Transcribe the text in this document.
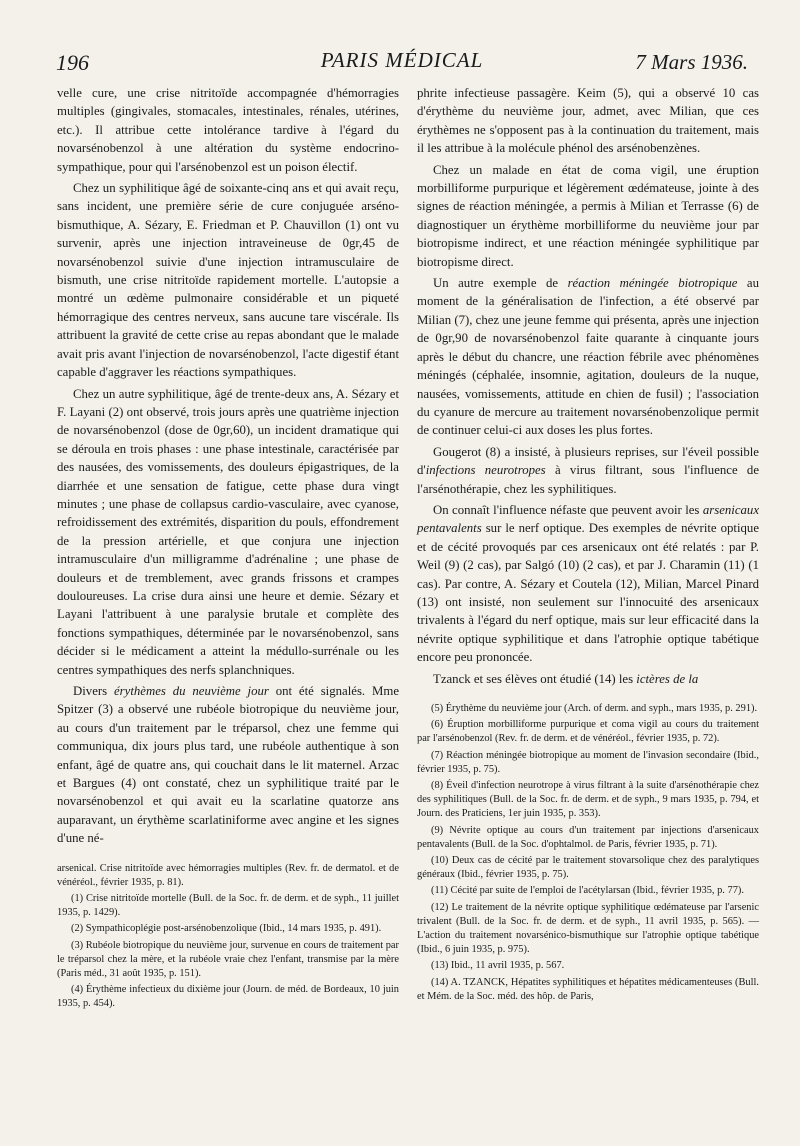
196	PARIS MÉDICAL	7 Mars 1936.

velle cure, une crise nitritoïde accompagnée d'hémorragies multiples (gingivales, stomacales, intestinales, rénales, utérines, etc.). Il attribue cette intolérance tardive à l'égard du novarsénobenzol à une altération du système endocrino-sympathique, pour qui l'arsénobenzol est un poison électif.

Chez un syphilitique âgé de soixante-cinq ans et qui avait reçu, sans incident, une première série de cure conjuguée arséno-bismuthique, A. Sézary, E. Friedman et P. Chauvillon (1) ont vu survenir, après une injection intraveineuse de 0gr,45 de novarsénobenzol suivie d'une injection intramusculaire de bismuth, une crise nitritoïde rapidement mortelle. L'autopsie a montré un œdème pulmonaire considérable et un piqueté hémorragique des centres nerveux, sans aucune tare viscérale. Ils attribuent la gravité de cette crise au repas abondant que le malade avait pris avant l'injection de novarsénobenzol, l'acte digestif étant capable d'aggraver les réactions sympathiques.

Chez un autre syphilitique, âgé de trente-deux ans, A. Sézary et F. Layani (2) ont observé, trois jours après une quatrième injection de novarsénobenzol (dose de 0gr,60), un incident dramatique qui se déroula en trois phases : une phase intestinale, caractérisée par des nausées, des vomissements, des douleurs épigastriques, de la diarrhée et une sensation de fatigue, cette phase dura vingt minutes ; une phase de collapsus cardio-vasculaire, avec cyanose, refroidissement des extrémités, disparition du pouls, effondrement de la pression artérielle, et que conjura une injection intramusculaire d'un milligramme d'adrénaline ; une phase de douleurs et de tremblement, avec grands frissons et crampes douloureuses. La crise dura ainsi une heure et demie. Sézary et Layani l'attribuent à une paralysie brutale et complète des fonctions sympathiques, déterminée par le novarsénobenzol, sans décider si le médicament a atteint la médullo-surrénale ou les centres sympathiques des nerfs splanchniques.

Divers érythèmes du neuvième jour ont été signalés. Mme Spitzer (3) a observé une rubéole biotropique du neuvième jour, au cours d'un traitement par le tréparsol, chez une femme qui communiqua, dix jours plus tard, une rubéole authentique à son enfant, âgé de quatre ans, qui couchait dans le lit maternel. Arzac et Bargues (4) ont constaté, chez un syphilitique traité par le novarsénobenzol et qui avait eu la scarlatine quatorze ans auparavant, un érythème scarlatiniforme avec angine et les signes d'une né-

arsenical. Crise nitritoïde avec hémorragies multiples (Rev. fr. de dermatol. et de vénéréol., février 1935, p. 81).
(1) Crise nitritoïde mortelle (Bull. de la Soc. fr. de derm. et de syph., 11 juillet 1935, p. 1429).
(2) Sympathicoplégie post-arsénobenzolique (Ibid., 14 mars 1935, p. 491).
(3) Rubéole biotropique du neuvième jour, survenue en cours de traitement par le tréparsol chez la mère, et la rubéole vraie chez l'enfant, transmise par la mère (Paris méd., 31 août 1935, p. 151).
(4) Érythème infectieux du dixième jour (Journ. de méd. de Bordeaux, 10 juin 1935, p. 454).

phrite infectieuse passagère. Keim (5), qui a observé 10 cas d'érythème du neuvième jour, admet, avec Milian, que ces érythèmes ne s'opposent pas à la continuation du traitement, mais il les attribue à la molécule phénol des arsénobenzènes.

Chez un malade en état de coma vigil, une éruption morbilliforme purpurique et légèrement œdémateuse, jointe à des signes de réaction méningée, a permis à Milian et Terrasse (6) de diagnostiquer un érythème morbilliforme du neuvième jour par biotropisme indirect, et une réaction méningée syphilitique par biotropisme direct.

Un autre exemple de réaction méningée biotropique au moment de la généralisation de l'infection, a été observé par Milian (7), chez une jeune femme qui présenta, après une injection de 0gr,90 de novarsénobenzol faite quarante à cinquante jours après le début du chancre, une réaction fébrile avec phénomènes méningés (céphalée, insomnie, agitation, douleurs de la nuque, nausées, vomissements, attitude en chien de fusil) ; l'association du cyanure de mercure au traitement novarsénobenzolique permit de continuer celui-ci aux doses les plus fortes.

Gougerot (8) a insisté, à plusieurs reprises, sur l'éveil possible d'infections neurotropes à virus filtrant, sous l'influence de l'arsénothérapie, chez les syphilitiques.

On connaît l'influence néfaste que peuvent avoir les arsenicaux pentavalents sur le nerf optique. Des exemples de névrite optique et de cécité provoqués par ces arsenicaux ont été relatés : par P. Weil (9) (2 cas), par Salgó (10) (2 cas), et par J. Charamin (11) (1 cas). Par contre, A. Sézary et Coutela (12), Milian, Marcel Pinard (13) ont insisté, non seulement sur l'innocuité des arsenicaux trivalents à l'égard du nerf optique, mais sur leur efficacité dans la névrite optique syphilitique et dans l'atrophie optique tabétique encore peu prononcée.

Tzanck et ses élèves ont étudié (14) les ictères de la

(5) Érythème du neuvième jour (Arch. of derm. and syph., mars 1935, p. 291).
(6) Éruption morbilliforme purpurique et coma vigil au cours du traitement par l'arsénobenzol (Rev. fr. de derm. et de vénéréol., février 1935, p. 72).
(7) Réaction méningée biotropique au moment de l'invasion secondaire (Ibid., février 1935, p. 75).
(8) Éveil d'infection neurotrope à virus filtrant à la suite d'arsénothérapie chez des syphilitiques (Bull. de la Soc. fr. de derm. et de syph., 9 mars 1935, p. 794, et Journ. des Praticiens, 1er juin 1935, p. 353).
(9) Névrite optique au cours d'un traitement par injections d'arsenicaux pentavalents (Bull. de la Soc. d'ophtalmol. de Paris, février 1935, p. 71).
(10) Deux cas de cécité par le traitement stovarsolique chez des paralytiques généraux (Ibid., février 1935, p. 75).
(11) Cécité par suite de l'emploi de l'acétylarsan (Ibid., février 1935, p. 77).
(12) Le traitement de la névrite optique syphilitique œdémateuse par l'arsenic trivalent (Bull. de la Soc. fr. de derm. et de syph., 11 avril 1935, p. 565). — L'action du traitement novarsénico-bismuthique sur l'atrophie optique tabétique (Ibid., 6 juin 1935, p. 975).
(13) Ibid., 11 avril 1935, p. 567.
(14) A. TZANCK, Hépatites syphilitiques et hépatites médicamenteuses (Bull. et Mém. de la Soc. méd. des hôp. de Paris,
